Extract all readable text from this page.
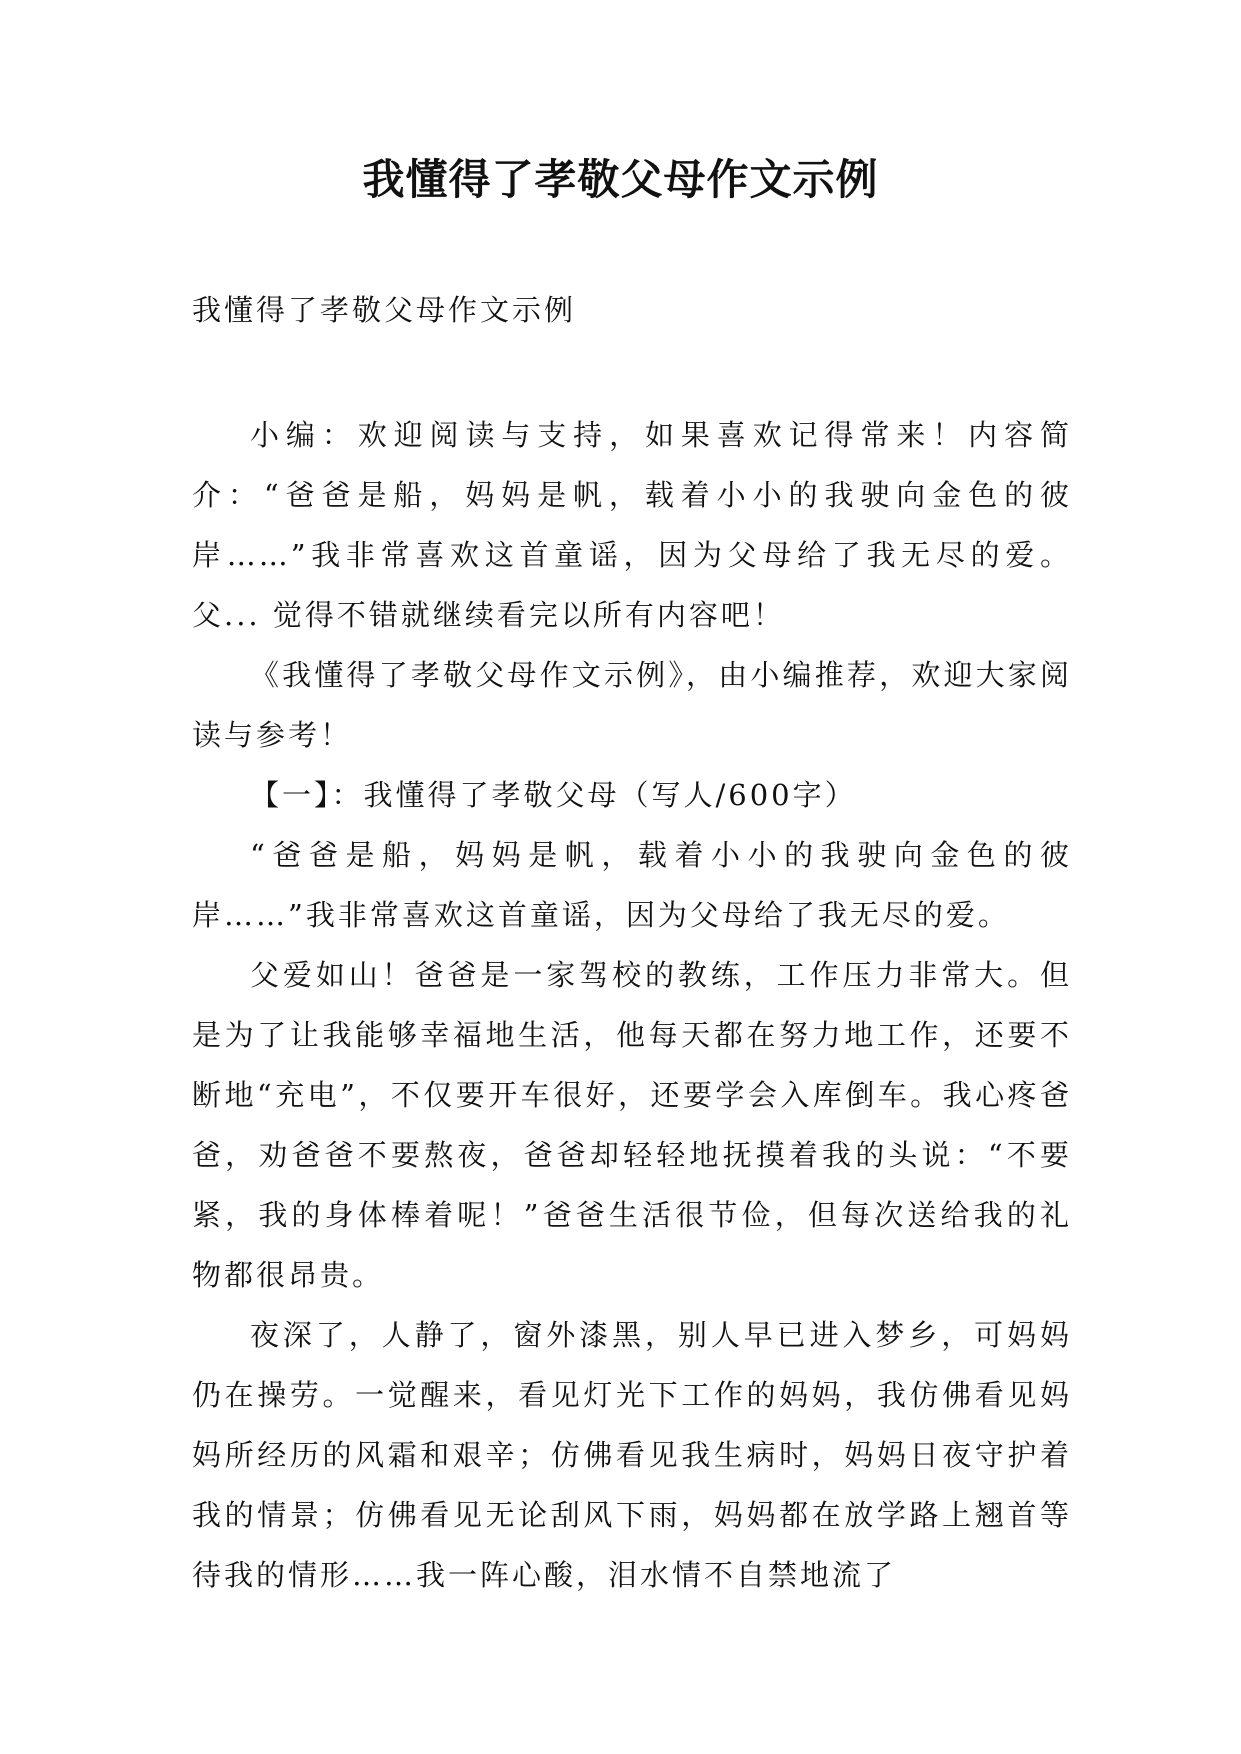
我懂得了孝敬父母作文示例

我懂得了孝敬父母作文示例

小编：欢迎阅读与支持，如果喜欢记得常来！内容简介：“爸爸是船，妈妈是帆，载着小小的我驶向金色的彼岸……”我非常喜欢这首童谣，因为父母给了我无尽的爱。父... 觉得不错就继续看完以所有内容吧！

《我懂得了孝敬父母作文示例》，由小编推荐，欢迎大家阅读与参考！

【一】：我懂得了孝敬父母（写人/600字）

“爸爸是船，妈妈是帆，载着小小的我驶向金色的彼岸……”我非常喜欢这首童谣，因为父母给了我无尽的爱。

父爱如山！爸爸是一家驾校的教练，工作压力非常大。但是为了让我能够幸福地生活，他每天都在努力地工作，还要不断地“充电”，不仅要开车很好，还要学会入库倒车。我心疼爸爸，劝爸爸不要熬夜，爸爸却轻轻地抚摸着我的头说：“不要紧，我的身体棒着呢！”爸爸生活很节俭，但每次送给我的礼物都很昂贵。

夜深了，人静了，窗外漆黑，别人早已进入梦乡，可妈妈仍在操劳。一觉醒来，看见灯光下工作的妈妈，我仿佛看见妈妈所经历的风霜和艰辛；仿佛看见我生病时，妈妈日夜守护着我的情景；仿佛看见无论刮风下雨，妈妈都在放学路上翘首等待我的情形……我一阵心酸，泪水情不自禁地流了
